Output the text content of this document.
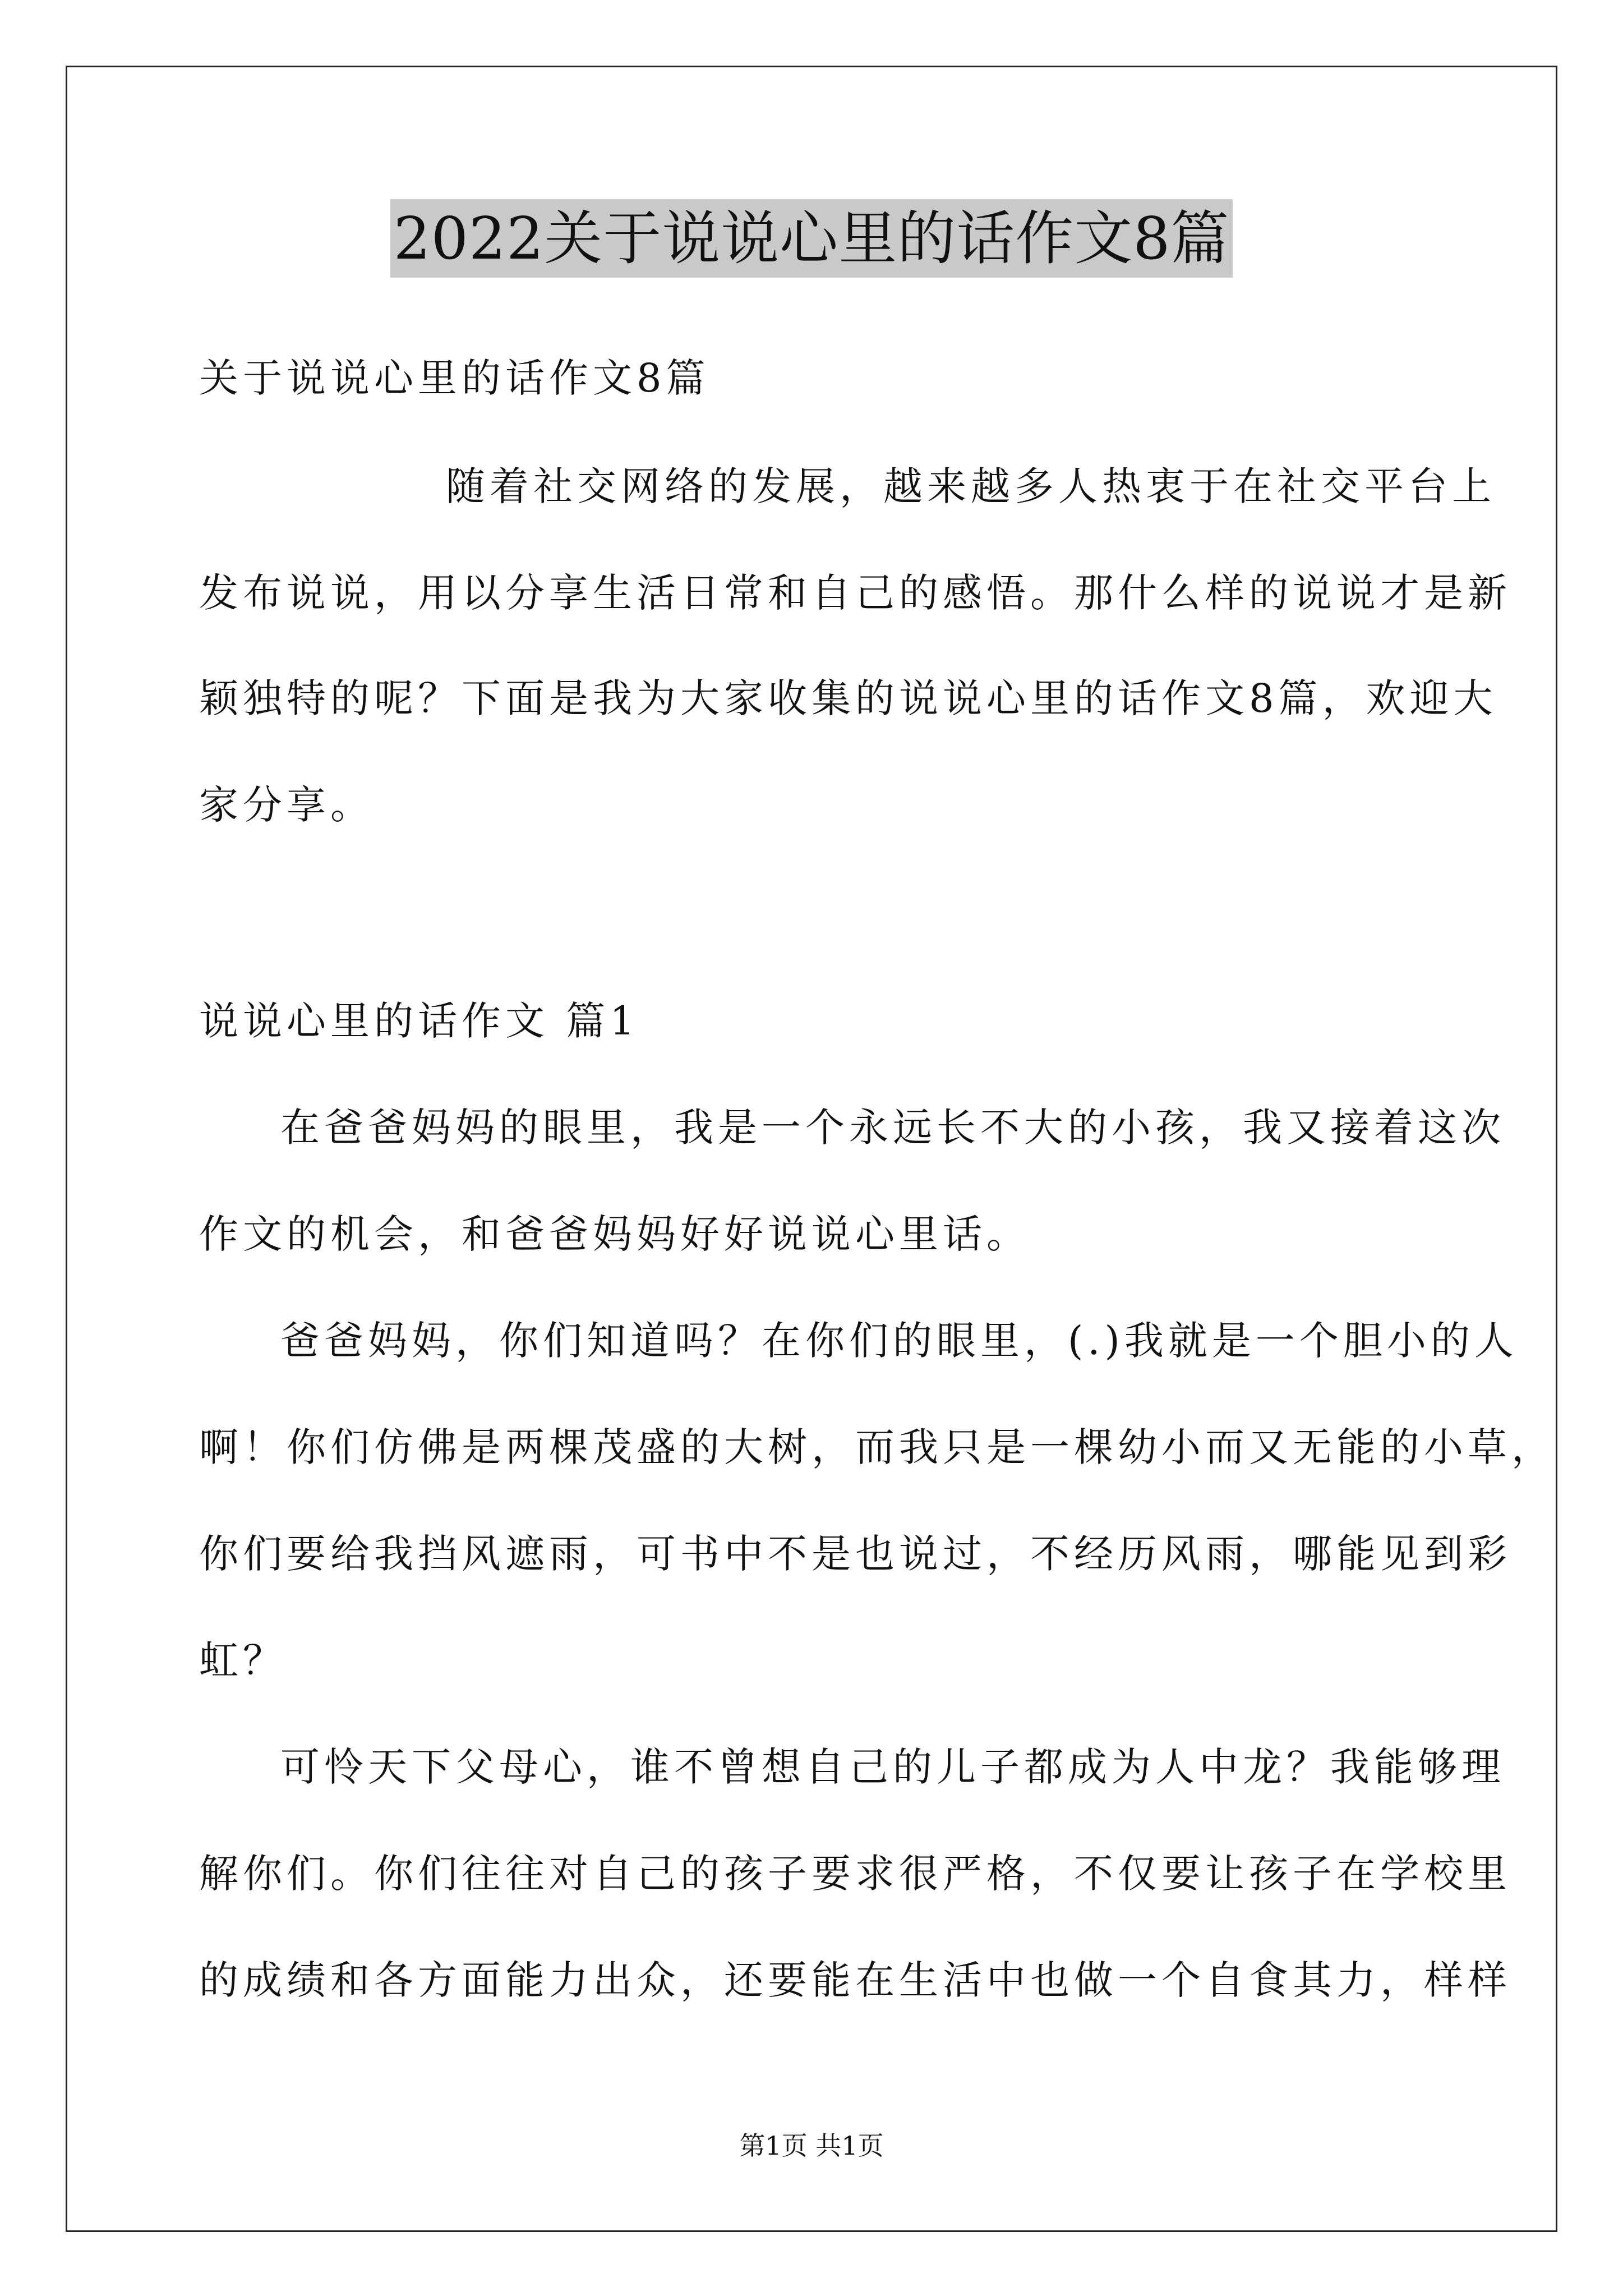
2022关于说说心里的话作文8篇
关于说说心里的话作文8篇
随着社交网络的发展，越来越多人热衷于在社交平台上
发布说说，用以分享生活日常和自己的感悟。那什么样的说说才是新
颖独特的呢？下面是我为大家收集的说说心里的话作文8篇，欢迎大
家分享。
说说心里的话作文 篇1
在爸爸妈妈的眼里，我是一个永远长不大的小孩，我又接着这次
作文的机会，和爸爸妈妈好好说说心里话。
爸爸妈妈，你们知道吗？在你们的眼里，(.)我就是一个胆小的人
啊！你们仿佛是两棵茂盛的大树，而我只是一棵幼小而又无能的小草，
你们要给我挡风遮雨，可书中不是也说过，不经历风雨，哪能见到彩
虹？
可怜天下父母心，谁不曾想自己的儿子都成为人中龙？我能够理
解你们。你们往往对自己的孩子要求很严格，不仅要让孩子在学校里
的成绩和各方面能力出众，还要能在生活中也做一个自食其力，样样
第1页 共1页
